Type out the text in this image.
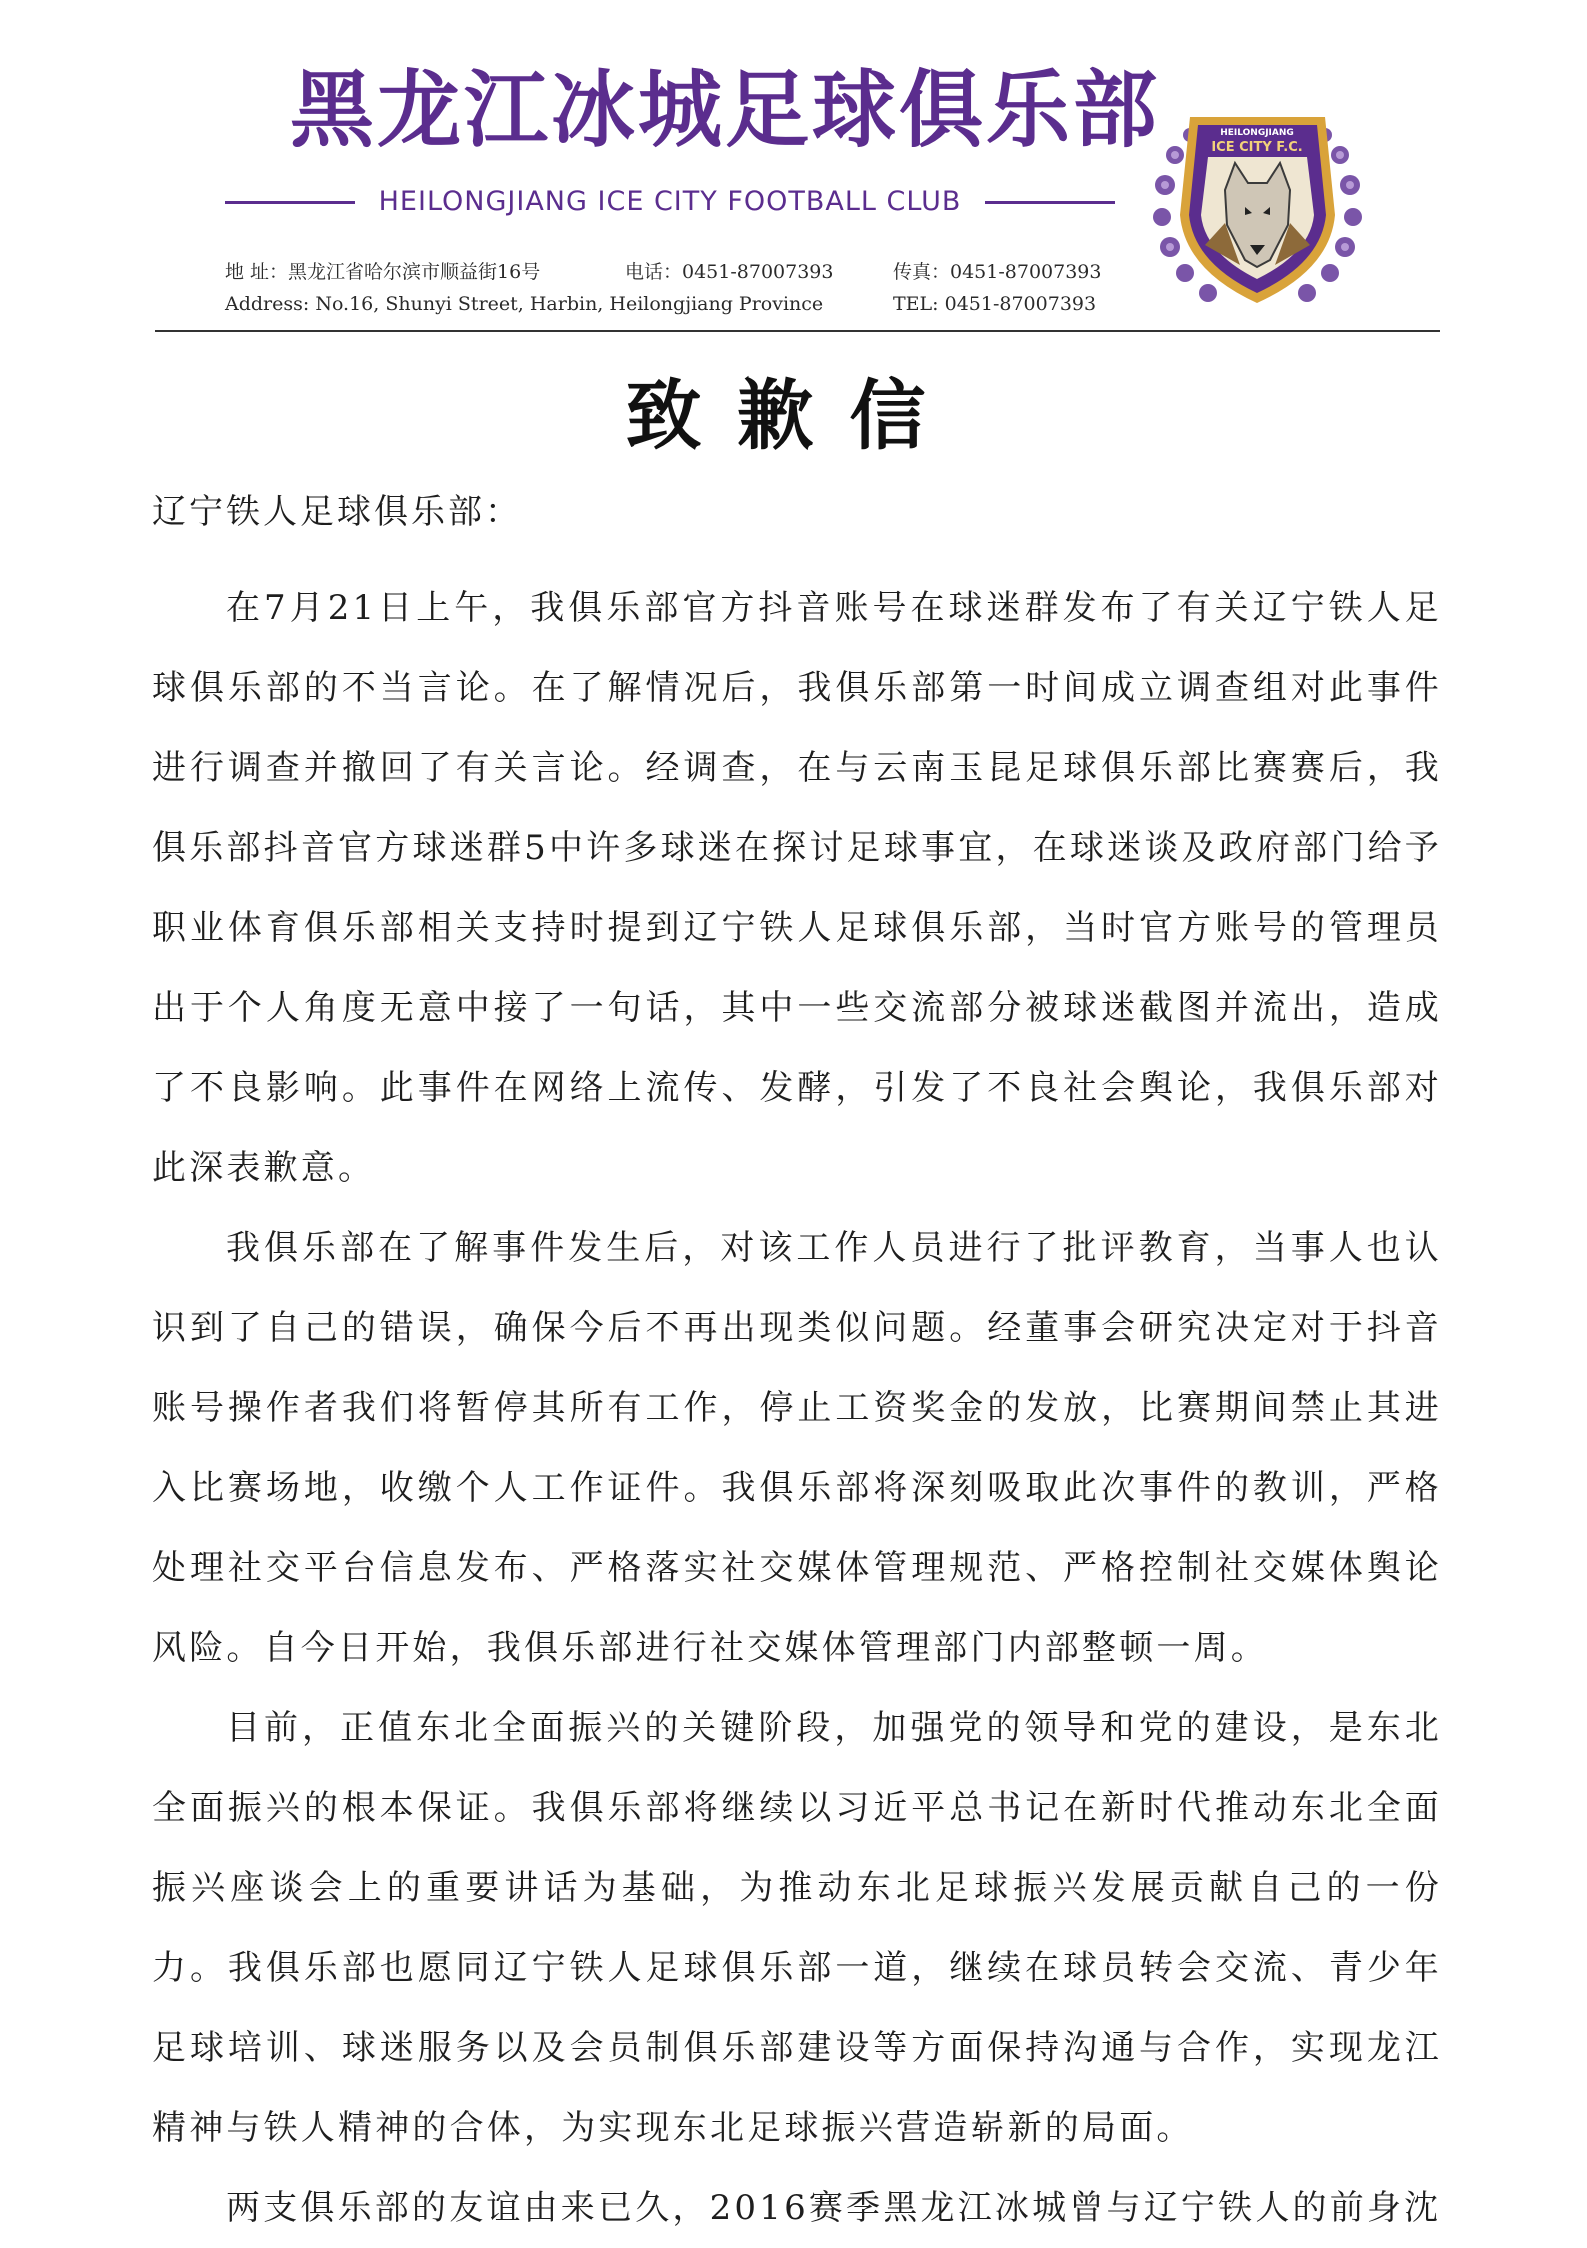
黑龙江冰城足球俱乐部
HEILONGJIANG ICE CITY FOOTBALL CLUB
地 址：黑龙江省哈尔滨市顺益街16号	电话：0451-87007393	传真：0451-87007393
Address: No.16, Shunyi Street, Harbin, Heilongjiang Province	TEL: 0451-87007393
HEILONGJIANG
ICE CITY F.C.
致歉信
辽宁铁人足球俱乐部：

在7月21日上午，我俱乐部官方抖音账号在球迷群发布了有关辽宁铁人足球俱乐部的不当言论。在了解情况后，我俱乐部第一时间成立调查组对此事件进行调查并撤回了有关言论。经调查，在与云南玉昆足球俱乐部比赛赛后，我俱乐部抖音官方球迷群5中许多球迷在探讨足球事宜，在球迷谈及政府部门给予职业体育俱乐部相关支持时提到辽宁铁人足球俱乐部，当时官方账号的管理员出于个人角度无意中接了一句话，其中一些交流部分被球迷截图并流出，造成了不良影响。此事件在网络上流传、发酵，引发了不良社会舆论，我俱乐部对此深表歉意。

我俱乐部在了解事件发生后，对该工作人员进行了批评教育，当事人也认识到了自己的错误，确保今后不再出现类似问题。经董事会研究决定对于抖音账号操作者我们将暂停其所有工作，停止工资奖金的发放，比赛期间禁止其进入比赛场地，收缴个人工作证件。我俱乐部将深刻吸取此次事件的教训，严格处理社交平台信息发布、严格落实社交媒体管理规范、严格控制社交媒体舆论风险。自今日开始，我俱乐部进行社交媒体管理部门内部整顿一周。

目前，正值东北全面振兴的关键阶段，加强党的领导和党的建设，是东北全面振兴的根本保证。我俱乐部将继续以习近平总书记在新时代推动东北全面振兴座谈会上的重要讲话为基础，为推动东北足球振兴发展贡献自己的一份力。我俱乐部也愿同辽宁铁人足球俱乐部一道，继续在球员转会交流、青少年足球培训、球迷服务以及会员制俱乐部建设等方面保持沟通与合作，实现龙江精神与铁人精神的合体，为实现东北足球振兴营造崭新的局面。

两支俱乐部的友谊由来已久，2016赛季黑龙江冰城曾与辽宁铁人的前身沈
